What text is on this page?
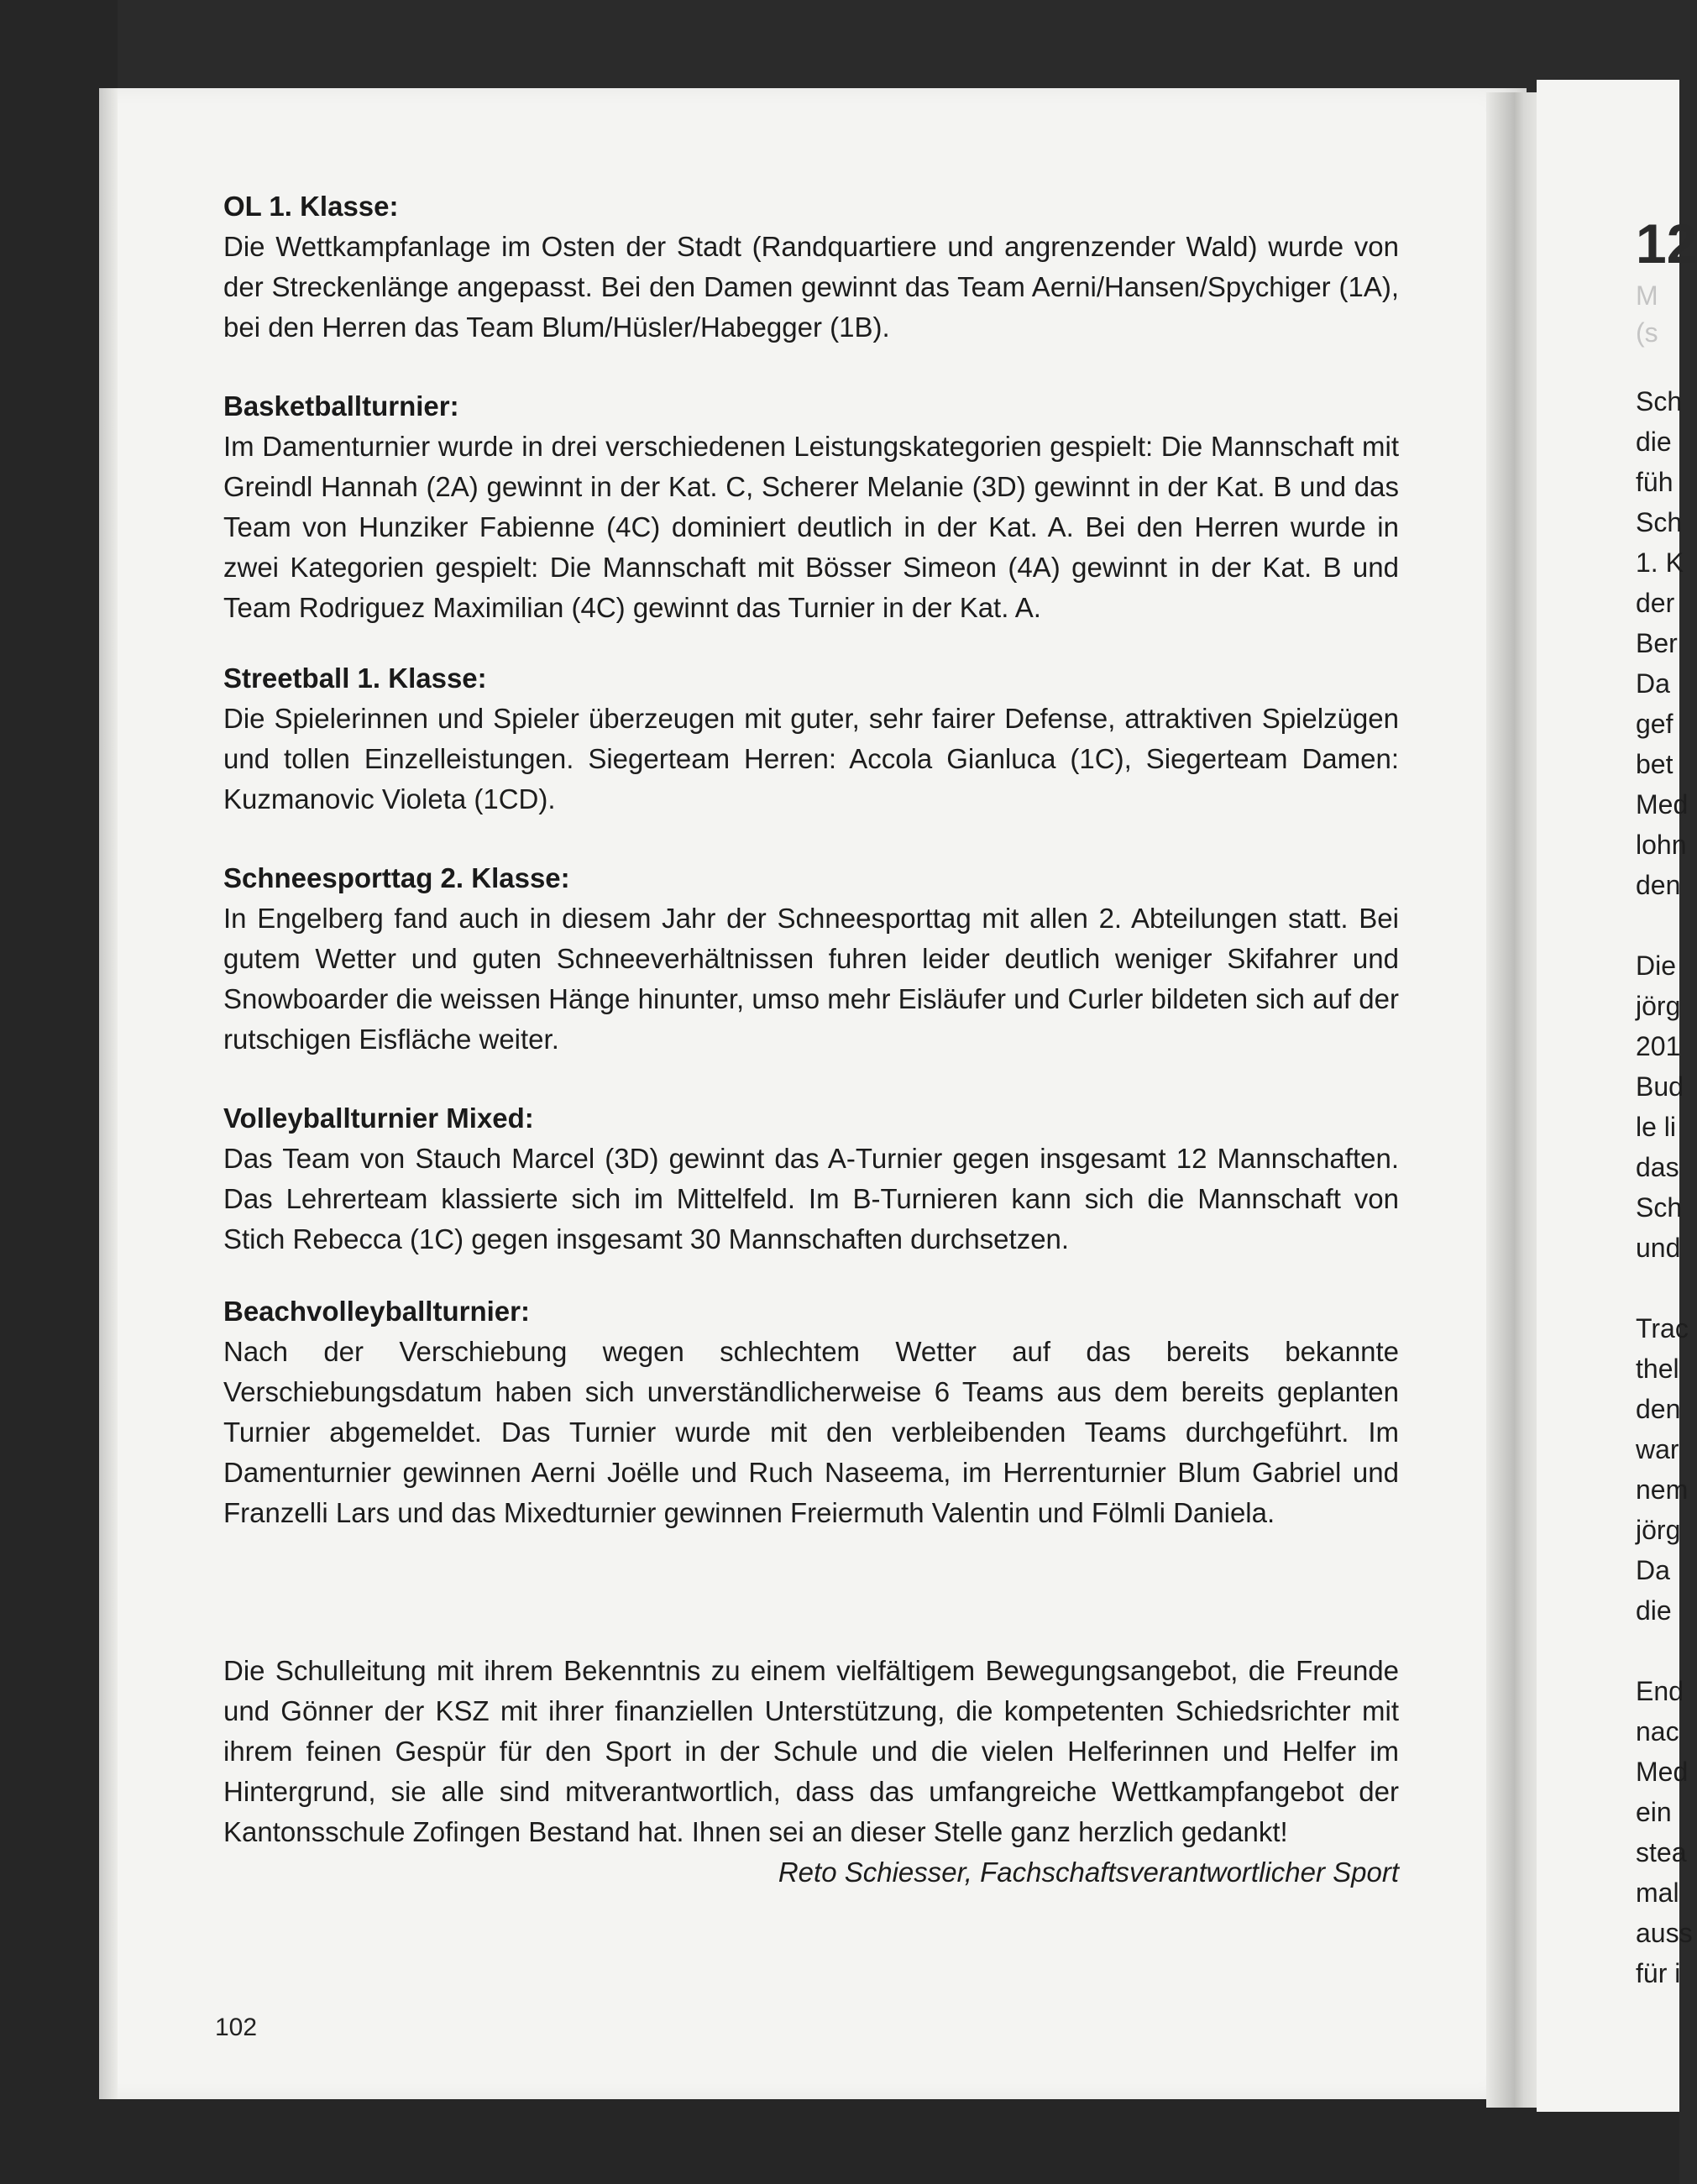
OL 1. Klasse:
Die Wettkampfanlage im Osten der Stadt (Randquartiere und angrenzender Wald) wurde von der Streckenlänge angepasst. Bei den Damen gewinnt das Team Aerni/Hansen/Spychiger (1A), bei den Herren das Team Blum/Hüsler/Habegger (1B).
Basketballturnier:
Im Damenturnier wurde in drei verschiedenen Leistungskategorien gespielt: Die Mannschaft mit Greindl Hannah (2A) gewinnt in der Kat. C, Scherer Melanie (3D) gewinnt in der Kat. B und das Team von Hunziker Fabienne (4C) dominiert deutlich in der Kat. A. Bei den Herren wurde in zwei Kategorien gespielt: Die Mannschaft mit Bösser Simeon (4A) gewinnt in der Kat. B und Team Rodriguez Maximilian (4C) gewinnt das Turnier in der Kat. A.
Streetball 1. Klasse:
Die Spielerinnen und Spieler überzeugen mit guter, sehr fairer Defense, attraktiven Spielzügen und tollen Einzelleistungen. Siegerteam Herren: Accola Gianluca (1C), Siegerteam Damen: Kuzmanovic Violeta (1CD).
Schneesporttag 2. Klasse:
In Engelberg fand auch in diesem Jahr der Schneesporttag mit allen 2. Abteilungen statt. Bei gutem Wetter und guten Schneeverhältnissen fuhren leider deutlich weniger Skifahrer und Snowboarder die weissen Hänge hinunter, umso mehr Eisläufer und Curler bildeten sich auf der rutschigen Eisfläche weiter.
Volleyballturnier Mixed:
Das Team von Stauch Marcel (3D) gewinnt das A-Turnier gegen insgesamt 12 Mannschaften. Das Lehrerteam klassierte sich im Mittelfeld. Im B-Turnieren kann sich die Mannschaft von Stich Rebecca (1C) gegen insgesamt 30 Mannschaften durchsetzen.
Beachvolleyballturnier:
Nach der Verschiebung wegen schlechtem Wetter auf das bereits bekannte Verschiebungsdatum haben sich unverständlicherweise 6 Teams aus dem bereits geplanten Turnier abgemeldet. Das Turnier wurde mit den verbleibenden Teams durchgeführt. Im Damenturnier gewinnen Aerni Joëlle und Ruch Naseema, im Herrenturnier Blum Gabriel und Franzelli Lars und das Mixedturnier gewinnen Freiermuth Valentin und Fölmli Daniela.
Die Schulleitung mit ihrem Bekenntnis zu einem vielfältigem Bewegungsangebot, die Freunde und Gönner der KSZ mit ihrer finanziellen Unterstützung, die kompetenten Schiedsrichter mit ihrem feinen Gespür für den Sport in der Schule und die vielen Helferinnen und Helfer im Hintergrund, sie alle sind mitverantwortlich, dass das umfangreiche Wettkampfangebot der Kantonsschule Zofingen Bestand hat. Ihnen sei an dieser Stelle ganz herzlich gedankt!
Reto Schiesser, Fachschaftsverantwortlicher Sport
102
12
M
(s
Sch
die
füh
Sch
1. K
der
Ber
Da
gef
bet
Med
lohn
den
Die
jörg
201
Bud
le li
das
Sch
und
Trac
thel
den
war
nem
jörg
Da
die
End
nac
Med
ein
stea
mal
auss
für i
